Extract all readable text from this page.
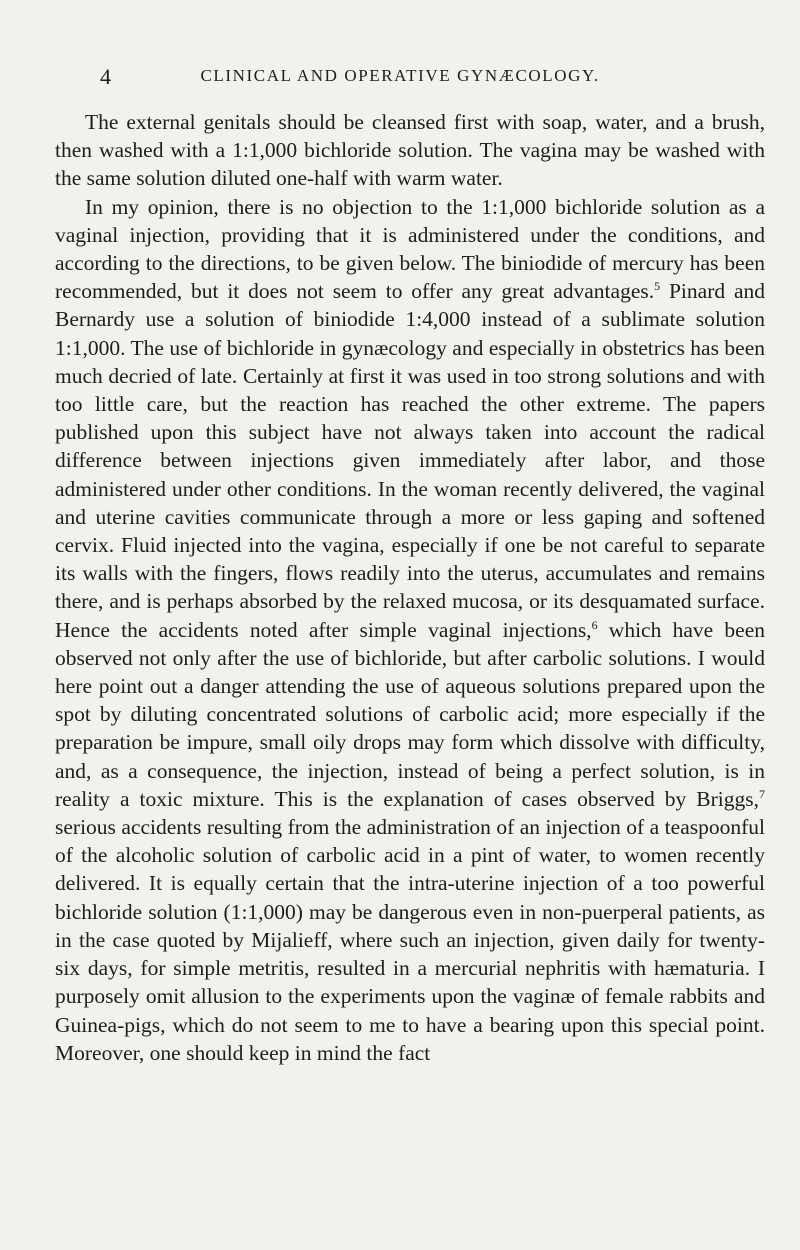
4	CLINICAL AND OPERATIVE GYNÆCOLOGY.

The external genitals should be cleansed first with soap, water, and a brush, then washed with a 1:1,000 bichloride solution. The vagina may be washed with the same solution diluted one-half with warm water.

In my opinion, there is no objection to the 1:1,000 bichloride solution as a vaginal injection, providing that it is administered under the conditions, and according to the directions, to be given below. The biniodide of mercury has been recommended, but it does not seem to offer any great advantages.$^5$ Pinard and Bernardy use a solution of biniodide 1:4,000 instead of a sublimate solution 1:1,000. The use of bichloride in gynæcology and especially in obstetrics has been much decried of late. Certainly at first it was used in too strong solutions and with too little care, but the reaction has reached the other extreme. The papers published upon this subject have not always taken into account the radical difference between injections given immediately after labor, and those administered under other conditions. In the woman recently delivered, the vaginal and uterine cavities communicate through a more or less gaping and softened cervix. Fluid injected into the vagina, especially if one be not careful to separate its walls with the fingers, flows readily into the uterus, accumulates and remains there, and is perhaps absorbed by the relaxed mucosa, or its desquamated surface. Hence the accidents noted after simple vaginal injections,$^6$ which have been observed not only after the use of bichloride, but after carbolic solutions. I would here point out a danger attending the use of aqueous solutions prepared upon the spot by diluting concentrated solutions of carbolic acid; more especially if the preparation be impure, small oily drops may form which dissolve with difficulty, and, as a consequence, the injection, instead of being a perfect solution, is in reality a toxic mixture. This is the explanation of cases observed by Briggs,$^7$ serious accidents resulting from the administration of an injection of a teaspoonful of the alcoholic solution of carbolic acid in a pint of water, to women recently delivered. It is equally certain that the intra-uterine injection of a too powerful bichloride solution (1:1,000) may be dangerous even in non-puerperal patients, as in the case quoted by Mijalieff, where such an injection, given daily for twenty-six days, for simple metritis, resulted in a mercurial nephritis with hæmaturia. I purposely omit allusion to the experiments upon the vaginæ of female rabbits and Guinea-pigs, which do not seem to me to have a bearing upon this special point. Moreover, one should keep in mind the fact
